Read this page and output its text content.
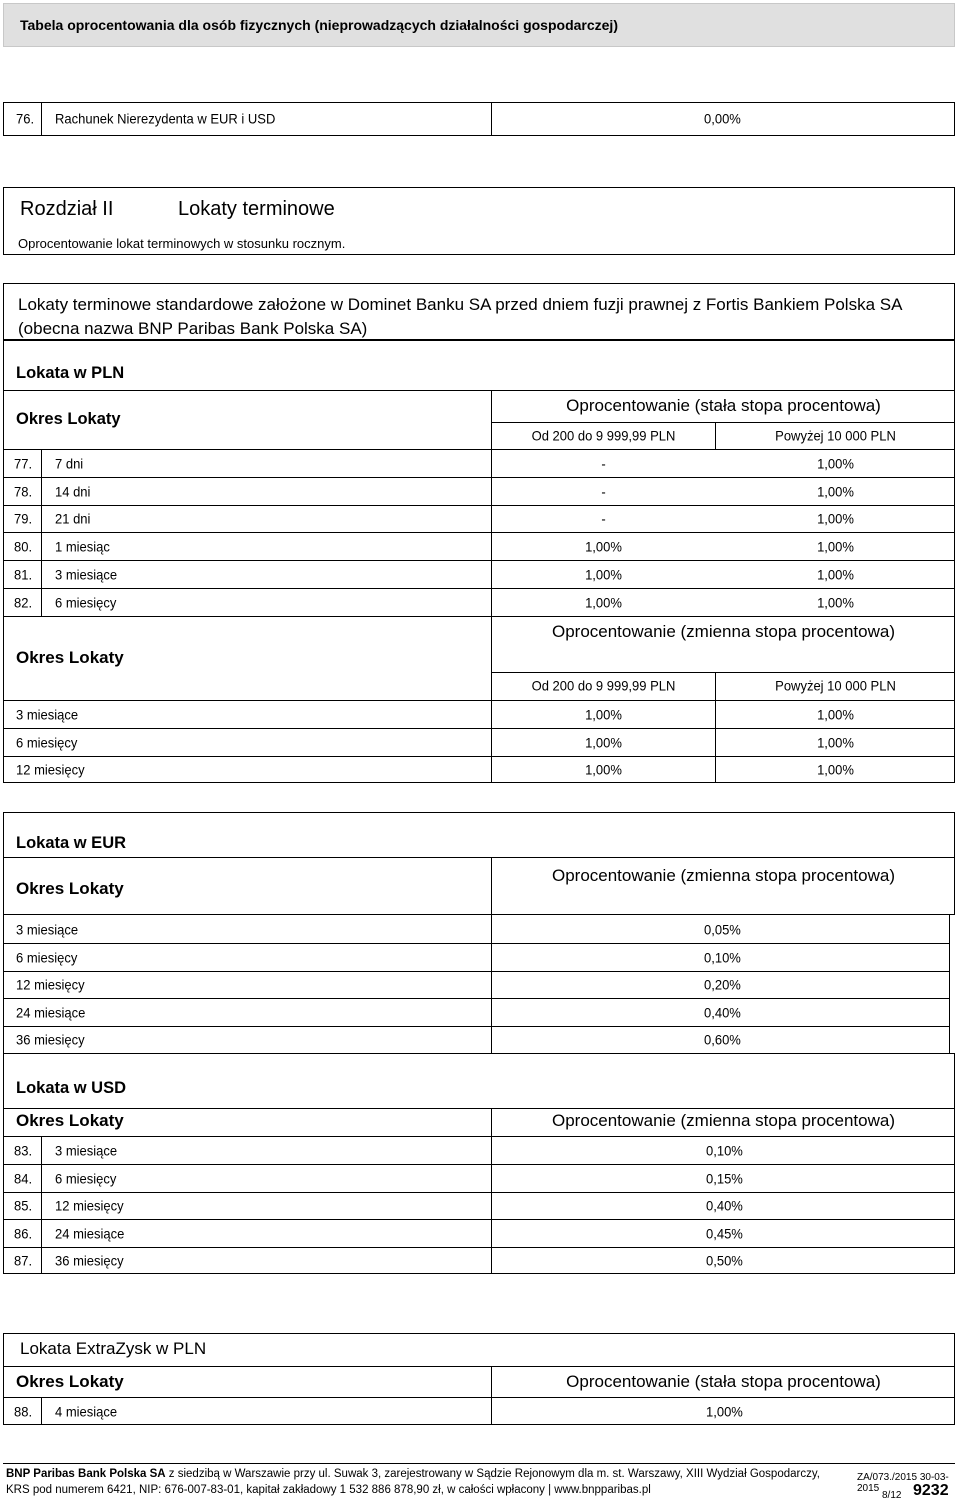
Tabela oprocentowania dla osób fizycznych (nieprowadzących działalności gospodarczej)
76. Rachunek Nierezydenta w EUR i USD	0,00%
Rozdział II	Lokaty terminowe
Oprocentowanie lokat terminowych w stosunku rocznym.
Lokaty terminowe standardowe założone w Dominet Banku SA przed dniem fuzji prawnej z Fortis Bankiem Polska SA (obecna nazwa BNP Paribas Bank Polska SA)
Lokata w PLN
Okres Lokaty
Oprocentowanie (stała stopa procentowa)
Od 200 do 9 999,99 PLN	Powyżej 10 000 PLN
77. 7 dni	-	1,00%
78. 14 dni	-	1,00%
79. 21 dni	-	1,00%
80. 1 miesiąc	1,00%	1,00%
81. 3 miesiące	1,00%	1,00%
82. 6 miesięcy	1,00%	1,00%
Okres Lokaty
Oprocentowanie (zmienna stopa procentowa)
Od 200 do 9 999,99 PLN	Powyżej 10 000 PLN
3 miesiące	1,00%	1,00%
6 miesięcy	1,00%	1,00%
12 miesięcy	1,00%	1,00%
Lokata w EUR
Okres Lokaty
Oprocentowanie (zmienna stopa procentowa)
3 miesiące	0,05%
6 miesięcy	0,10%
12 miesięcy	0,20%
24 miesiące	0,40%
36 miesięcy	0,60%
Lokata w USD
Okres Lokaty	Oprocentowanie (zmienna stopa procentowa)
83. 3 miesiące	0,10%
84. 6 miesięcy	0,15%
85. 12 miesięcy	0,40%
86. 24 miesiące	0,45%
87. 36 miesięcy	0,50%
Lokata ExtraZysk w PLN
Okres Lokaty	Oprocentowanie (stała stopa procentowa)
88. 4 miesiące	1,00%
BNP Paribas Bank Polska SA z siedzibą w Warszawie przy ul. Suwak 3, zarejestrowany w Sądzie Rejonowym dla m. st. Warszawy, XIII Wydział Gospodarczy,
KRS pod numerem 6421, NIP: 676-007-83-01, kapitał zakładowy 1 532 886 878,90 zł, w całości wpłacony | www.bnpparibas.pl
ZA/073./2015 30-03-2015
8/12 9232
